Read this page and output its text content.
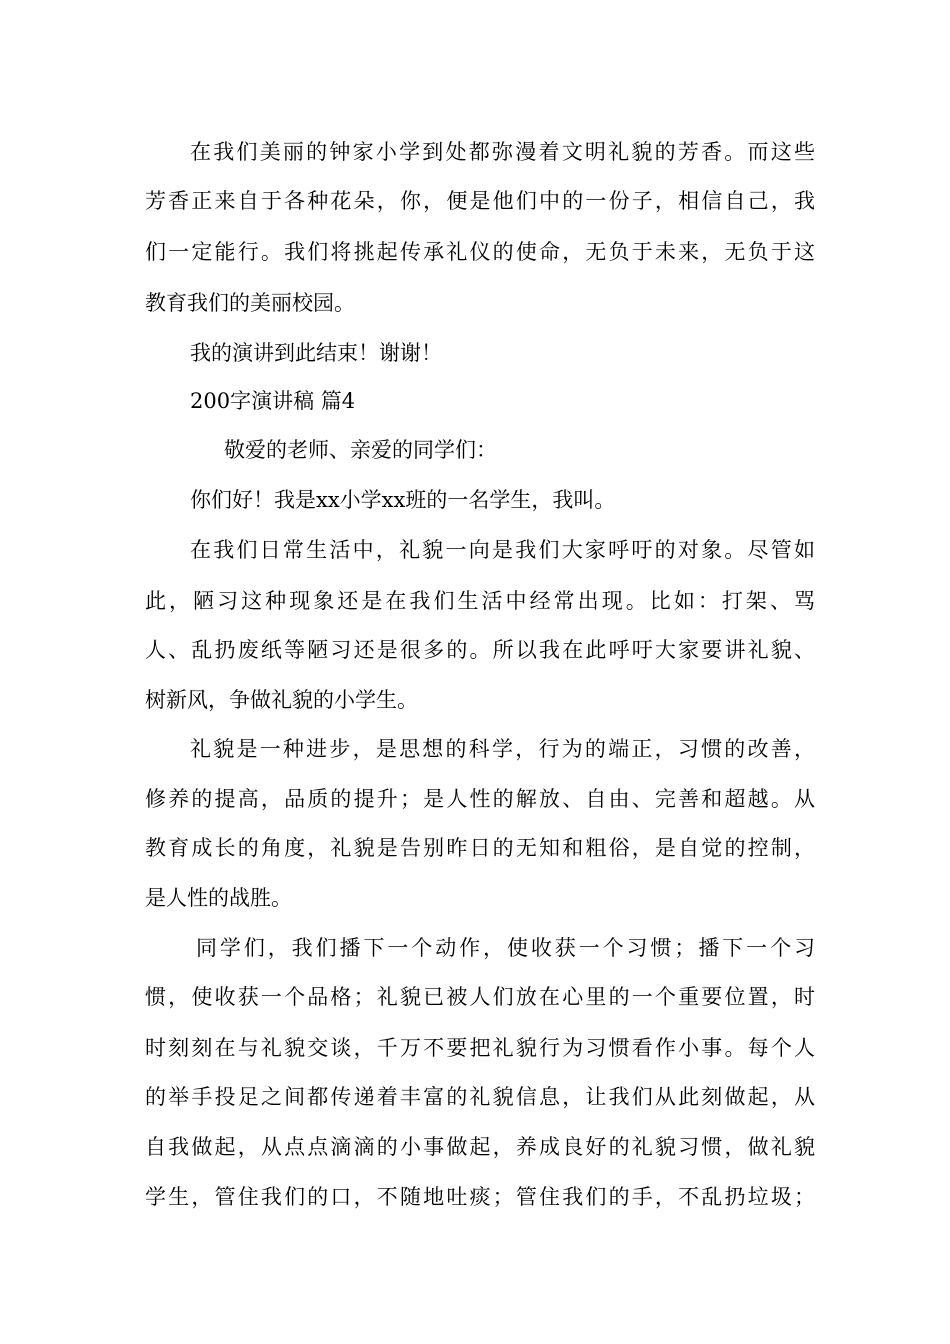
在我们美丽的钟家小学到处都弥漫着文明礼貌的芳香。而这些
芳香正来自于各种花朵，你，便是他们中的一份子，相信自己，我
们一定能行。我们将挑起传承礼仪的使命，无负于未来，无负于这
教育我们的美丽校园。
我的演讲到此结束！谢谢！
200字演讲稿 篇4
敬爱的老师、亲爱的同学们：
你们好！我是xx小学xx班的一名学生，我叫。
在我们日常生活中，礼貌一向是我们大家呼吁的对象。尽管如
此，陋习这种现象还是在我们生活中经常出现。比如：打架、骂
人、乱扔废纸等陋习还是很多的。所以我在此呼吁大家要讲礼貌、
树新风，争做礼貌的小学生。
礼貌是一种进步，是思想的科学，行为的端正，习惯的改善，
修养的提高，品质的提升；是人性的解放、自由、完善和超越。从
教育成长的角度，礼貌是告别昨日的无知和粗俗，是自觉的控制，
是人性的战胜。
同学们，我们播下一个动作，使收获一个习惯；播下一个习
惯，使收获一个品格；礼貌已被人们放在心里的一个重要位置，时
时刻刻在与礼貌交谈，千万不要把礼貌行为习惯看作小事。每个人
的举手投足之间都传递着丰富的礼貌信息，让我们从此刻做起，从
自我做起，从点点滴滴的小事做起，养成良好的礼貌习惯，做礼貌
学生，管住我们的口，不随地吐痰；管住我们的手，不乱扔垃圾；
